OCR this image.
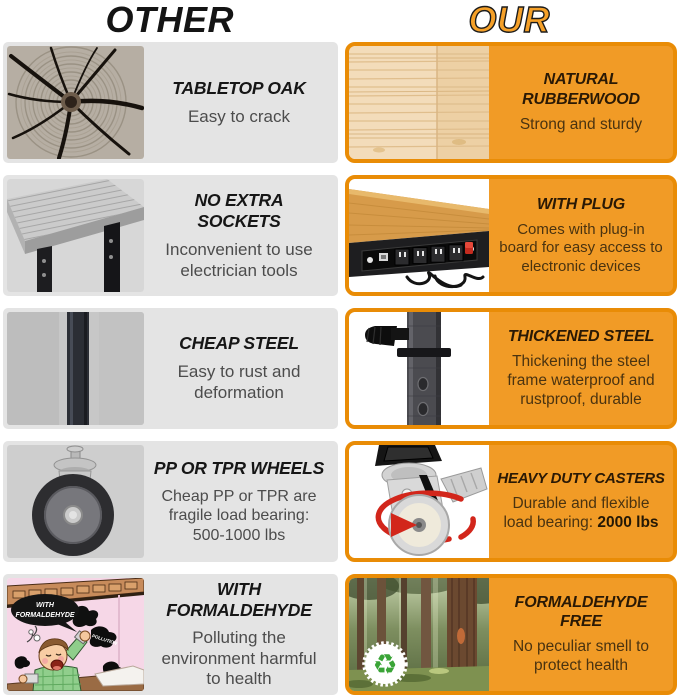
OTHER	OUR
TABLETOP OAK
Easy to crack
NATURAL RUBBERWOOD
Strong and sturdy
NO EXTRA SOCKETS
Inconvenient to use electrician tools
WITH PLUG
Comes with plug-in board for easy access to electronic devices
CHEAP STEEL
Easy to rust and deformation
THICKENED STEEL
Thickening the steel frame waterproof and rustproof, durable
PP OR TPR WHEELS
Cheap PP or TPR are fragile load bearing: 500-1000 lbs
HEAVY DUTY CASTERS
Durable and flexible load bearing: 2000 lbs
POLLUTION
WITH
FORMALDEHYDE
WITH FORMALDEHYDE
Polluting the environment harmful to health	♻
FORMALDEHYDE FREE
No peculiar smell to protect health
